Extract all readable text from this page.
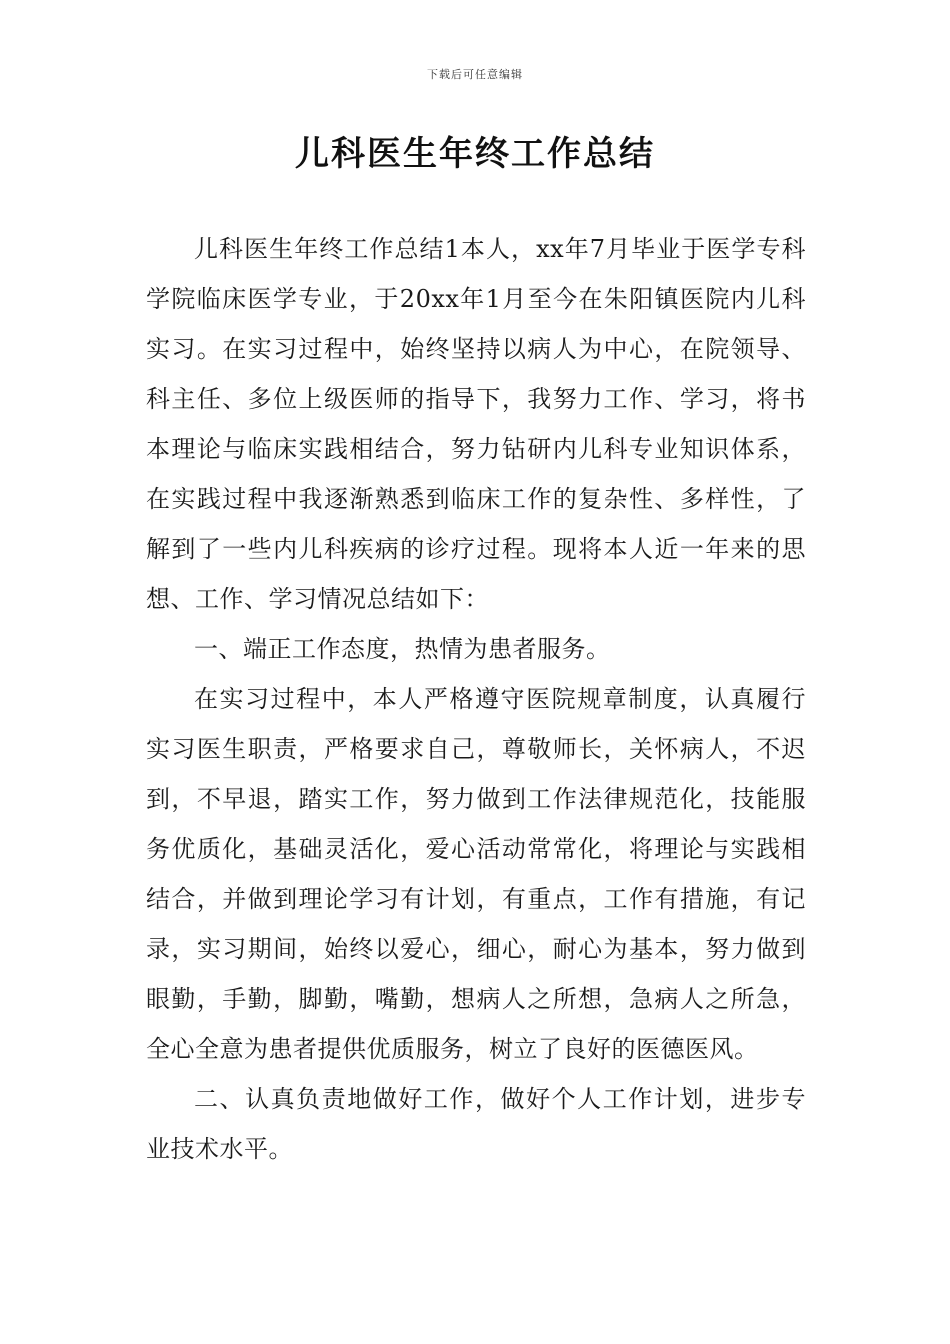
下载后可任意编辑
儿科医生年终工作总结

儿科医生年终工作总结1本人，xx年7月毕业于医学专科学院临床医学专业，于20xx年1月至今在朱阳镇医院内儿科实习。在实习过程中，始终坚持以病人为中心，在院领导、科主任、多位上级医师的指导下，我努力工作、学习，将书本理论与临床实践相结合，努力钻研内儿科专业知识体系，在实践过程中我逐渐熟悉到临床工作的复杂性、多样性，了解到了一些内儿科疾病的诊疗过程。现将本人近一年来的思想、工作、学习情况总结如下：

一、端正工作态度，热情为患者服务。

在实习过程中，本人严格遵守医院规章制度，认真履行实习医生职责，严格要求自己，尊敬师长，关怀病人，不迟到，不早退，踏实工作，努力做到工作法律规范化，技能服务优质化，基础灵活化，爱心活动常常化，将理论与实践相结合，并做到理论学习有计划，有重点，工作有措施，有记录，实习期间，始终以爱心，细心，耐心为基本，努力做到眼勤，手勤，脚勤，嘴勤，想病人之所想，急病人之所急，全心全意为患者提供优质服务，树立了良好的医德医风。

二、认真负责地做好工作，做好个人工作计划，进步专业技术水平。
